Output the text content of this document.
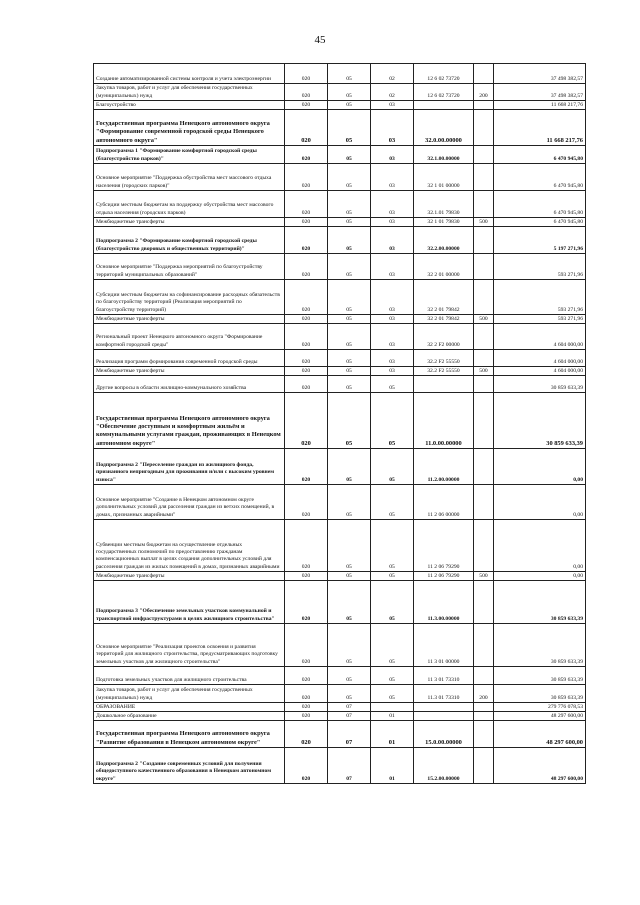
45
Создание автоматизированной системы контроля и учета электроэнергии	020	05	02	12 6 02 73720		37 498 382,57
Закупка товаров, работ и услуг для обеспечения государственных (муниципальных) нужд	020	05	02	12 6 02 73720	200	37 498 382,57
Благоустройство	020	05	03			11 668 217,76
Государственная программа Ненецкого автономного округа "Формирование современной городской среды Ненецкого автономного округа"	020	05	03	32.0.00.00000		11 668 217,76
Подпрограмма 1 "Формирование комфортной городской среды (благоустройство парков)"	020	05	03	32.1.00.00000		6 470 945,80
Основное мероприятие "Поддержка обустройства мест массового отдыха населения (городских парков)"	020	05	03	32 1 01 00000		6 470 945,80
Субсидии местным бюджетам на поддержку обустройства мест массового отдыха населения (городских парков)	020	05	03	32.1.01 79830		6 470 945,80
Межбюджетные трансферты	020	05	03	32 1 01 79830	500	6 470 945,80
Подпрограмма 2 "Формирование комфортной городской среды (благоустройство дворовых и общественных территорий)"	020	05	03	32.2.00.00000		5 197 271,96
Основное мероприятие "Поддержка мероприятий по благоустройству территорий муниципальных образований"	020	05	03	32 2 01 00000		593 271,96
Субсидии местным бюджетам на софинансирование расходных обязательств по благоустройству территорий (Реализация мероприятий по благоустройству территорий)	020	05	03	32 2 01 79842		593 271,96
Межбюджетные трансферты	020	05	03	32 2 01 79842	500	593 271,96
Региональный проект Ненецкого автономного округа "Формирование комфортной городской среды"	020	05	03	32 2 F2 00000		4 604 000,00
Реализация программ формирования современной городской среды	020	05	03	32.2 F2 55550		4 604 000,00
Межбюджетные трансферты	020	05	03	32.2 F2 55550	500	4 604 000,00
Другие вопросы в области жилищно-коммунального хозяйства	020	05	05			30 859 633,39
Государственная программа Ненецкого автономного округа "Обеспечение доступным и комфортным жильём и коммунальными услугами граждан, проживающих в Ненецком автономном округе"	020	05	05	11.0.00.00000		30 859 633,39
Подпрограмма 2 "Переселение граждан из жилищного фонда, признанного непригодным для проживания и/или с высоким уровнем износа"	020	05	05	11.2.00.00000		0,00
Основное мероприятие "Создание в Ненецком автономном округе дополнительных условий для расселения граждан из ветхих помещений, в домах, признанных аварийными"	020	05	05	11 2 06 00000		0,00
Субвенции местным бюджетам на осуществление отдельных государственных полномочий по предоставлению гражданам компенсационных выплат в целях создания дополнительных условий для расселения граждан из жилых помещений в домах, признанных аварийными	020	05	05	11 2 06 79290		0,00
Межбюджетные трансферты	020	05	05	11 2 06 79290	500	0,00
Подпрограмма 3 "Обеспечение земельных участков коммунальной и транспортной инфраструктурами в целях жилищного строительства"	020	05	05	11.3.00.00000		30 859 633,39
Основное мероприятие "Реализация проектов освоения и развития территорий для жилищного строительства, предусматривающих подготовку земельных участков для жилищного строительства"	020	05	05	11 3 01 00000		30 859 633,39
Подготовка земельных участков для жилищного строительства	020	05	05	11 3 01 73310		30 859 633,39
Закупка товаров, работ и услуг для обеспечения государственных (муниципальных) нужд	020	05	05	11.3 01 73310	200	30 859 633,39
ОБРАЗОВАНИЕ	020	07				279 776 078,53
Дошкольное образование	020	07	01			48 297 600,00
Государственная программа Ненецкого автономного округа "Развитие образования в Ненецком автономном округе"	020	07	01	15.0.00.00000		48 297 600,00
Подпрограмма 2 "Создание современных условий для получения общедоступного качественного образования в Ненецком автономном округе"	020	07	01	15.2.00.00000		48 297 600,00
